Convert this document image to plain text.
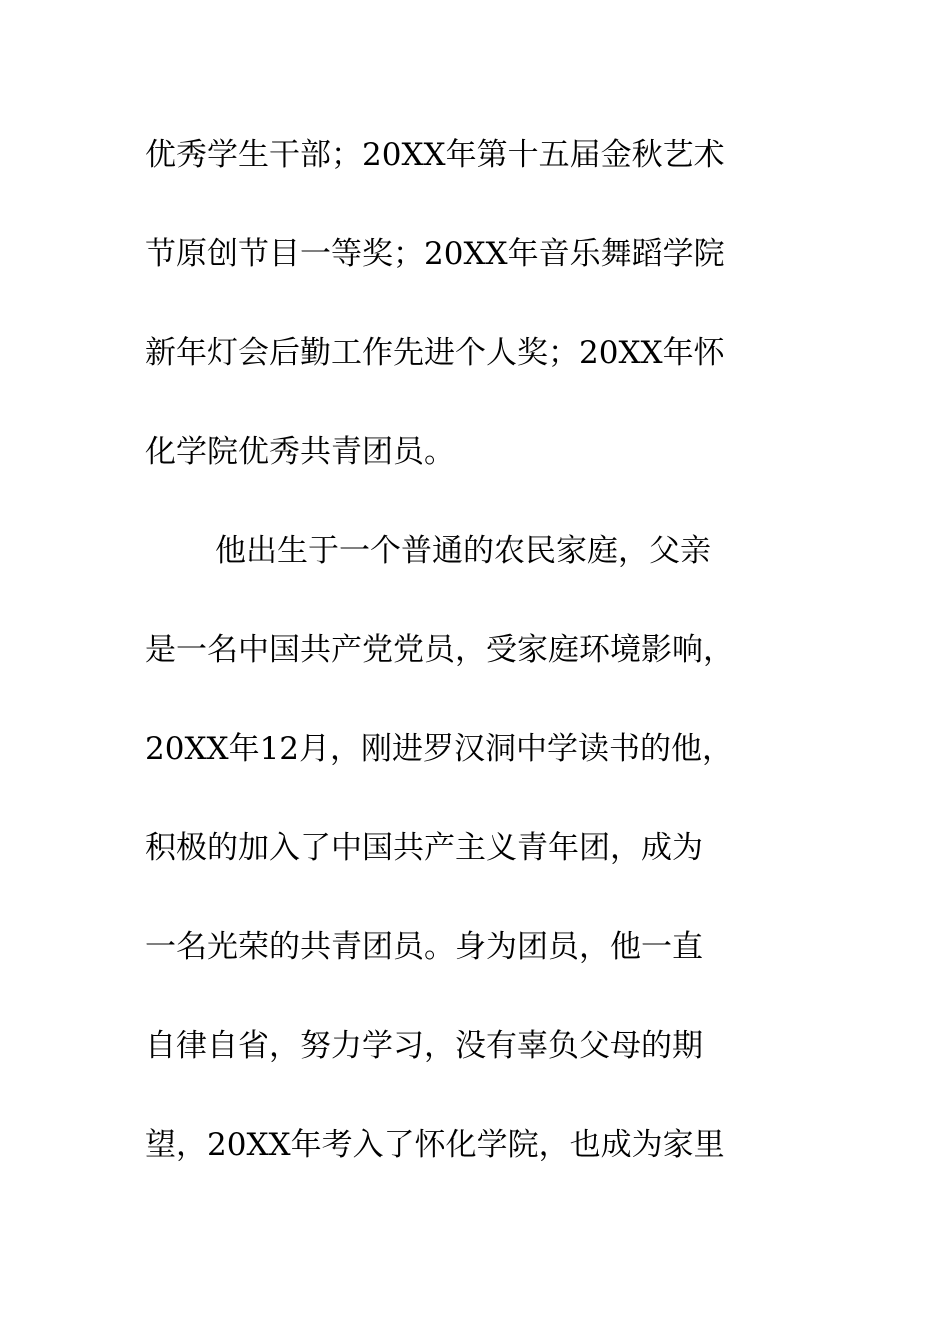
优秀学生干部；20XX年第十五届金秋艺术
节原创节目一等奖；20XX年音乐舞蹈学院
新年灯会后勤工作先进个人奖；20XX年怀
化学院优秀共青团员。
他出生于一个普通的农民家庭，父亲
是一名中国共产党党员，受家庭环境影响，
20XX年12月，刚进罗汉洞中学读书的他，
积极的加入了中国共产主义青年团，成为
一名光荣的共青团员。身为团员，他一直
自律自省，努力学习，没有辜负父母的期
望，20XX年考入了怀化学院，也成为家里
